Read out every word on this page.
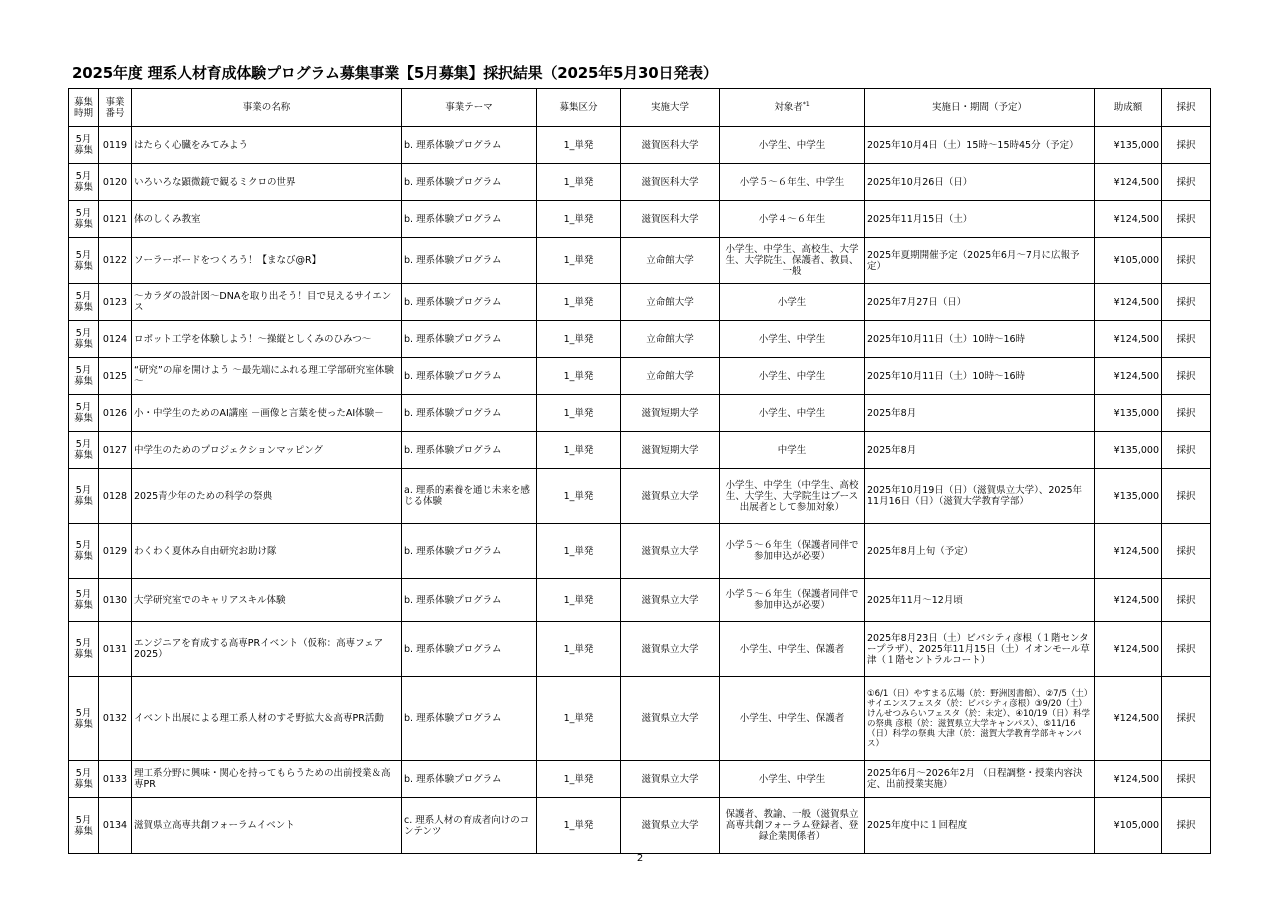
2025年度 理系人材育成体験プログラム募集事業【5月募集】採択結果（2025年5月30日発表）
募集時期	事業番号	事業の名称	事業テーマ	募集区分	実施大学	対象者$^{*1}$	実施日・期間（予定）	助成額	採択
5月募集	0119	はたらく心臓をみてみよう	b. 理系体験プログラム	1_単発	滋賀医科大学	小学生、中学生	2025年10月4日（土）15時～15時45分（予定）	¥135,000	採択
5月募集	0120	いろいろな顕微鏡で観るミクロの世界	b. 理系体験プログラム	1_単発	滋賀医科大学	小学５～６年生、中学生	2025年10月26日（日）	¥124,500	採択
5月募集	0121	体のしくみ教室	b. 理系体験プログラム	1_単発	滋賀医科大学	小学４～６年生	2025年11月15日（土）	¥124,500	採択
5月募集	0122	ソーラーボードをつくろう！【まなび@R】	b. 理系体験プログラム	1_単発	立命館大学	小学生、中学生、高校生、大学生、大学院生、保護者、教員、一般	2025年夏期開催予定（2025年6月～7月に広報予定）	¥105,000	採択
5月募集	0123	～カラダの設計図～DNAを取り出そう！目で見えるサイエンス	b. 理系体験プログラム	1_単発	立命館大学	小学生	2025年7月27日（日）	¥124,500	採択
5月募集	0124	ロボット工学を体験しよう！～操縦としくみのひみつ～	b. 理系体験プログラム	1_単発	立命館大学	小学生、中学生	2025年10月11日（土）10時～16時	¥124,500	採択
5月募集	0125	“研究”の扉を開けよう ～最先端にふれる理工学部研究室体験～	b. 理系体験プログラム	1_単発	立命館大学	小学生、中学生	2025年10月11日（土）10時～16時	¥124,500	採択
5月募集	0126	小・中学生のためのAI講座 －画像と言葉を使ったAI体験－	b. 理系体験プログラム	1_単発	滋賀短期大学	小学生、中学生	2025年8月	¥135,000	採択
5月募集	0127	中学生のためのプロジェクションマッピング	b. 理系体験プログラム	1_単発	滋賀短期大学	中学生	2025年8月	¥135,000	採択
5月募集	0128	2025青少年のための科学の祭典	a. 理系的素養を通じ未来を感じる体験	1_単発	滋賀県立大学	小学生、中学生（中学生、高校生、大学生、大学院生はブース出展者として参加対象）	2025年10月19日（日）（滋賀県立大学）、2025年11月16日（日）（滋賀大学教育学部）	¥135,000	採択
5月募集	0129	わくわく夏休み自由研究お助け隊	b. 理系体験プログラム	1_単発	滋賀県立大学	小学５～６年生（保護者同伴で参加申込が必要）	2025年8月上旬（予定）	¥124,500	採択
5月募集	0130	大学研究室でのキャリアスキル体験	b. 理系体験プログラム	1_単発	滋賀県立大学	小学５～６年生（保護者同伴で参加申込が必要）	2025年11月～12月頃	¥124,500	採択
5月募集	0131	エンジニアを育成する高専PRイベント（仮称：高専フェア2025）	b. 理系体験プログラム	1_単発	滋賀県立大学	小学生、中学生、保護者	2025年8月23日（土）ビバシティ彦根（１階センタープラザ）、2025年11月15日（土）イオンモール草津（１階セントラルコート）	¥124,500	採択
5月募集	0132	イベント出展による理工系人材のすそ野拡大＆高専PR活動	b. 理系体験プログラム	1_単発	滋賀県立大学	小学生、中学生、保護者	①6/1（日）やすまる広場（於：野洲図書館）、②7/5（土）サイエンスフェスタ（於：ビバシティ彦根）③9/20（土）けんせつみらいフェスタ（於：未定）、④10/19（日）科学の祭典 彦根（於：滋賀県立大学キャンパス）、⑤11/16（日）科学の祭典 大津（於：滋賀大学教育学部キャンパス）	¥124,500	採択
5月募集	0133	理工系分野に興味・関心を持ってもらうための出前授業＆高専PR	b. 理系体験プログラム	1_単発	滋賀県立大学	小学生、中学生	2025年6月～2026年2月 （日程調整・授業内容決定、出前授業実施）	¥124,500	採択
5月募集	0134	滋賀県立高専共創フォーラムイベント	c. 理系人材の育成者向けのコンテンツ	1_単発	滋賀県立大学	保護者、教諭、一般（滋賀県立高専共創フォーラム登録者、登録企業関係者）	2025年度中に１回程度	¥105,000	採択
2
